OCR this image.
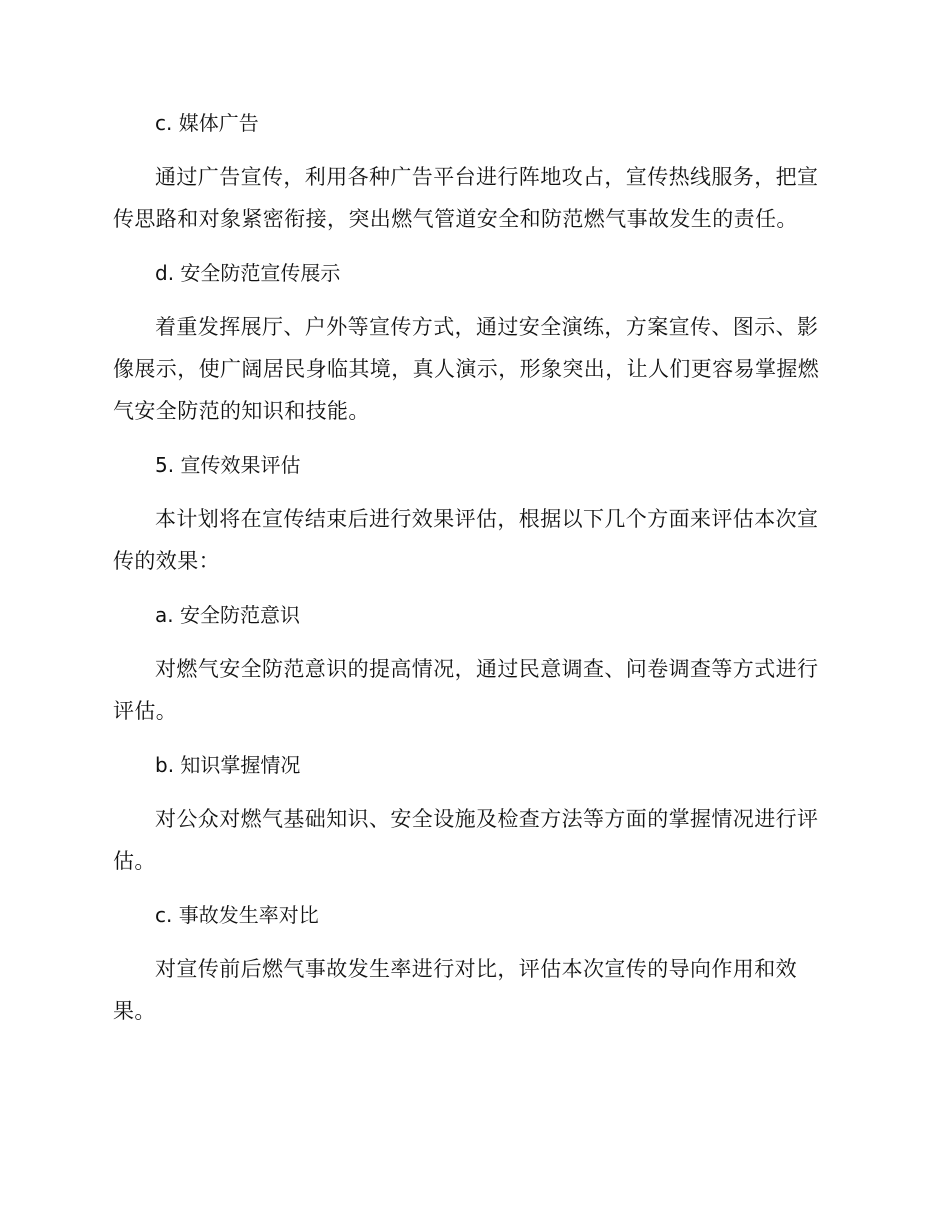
c. 媒体广告

通过广告宣传，利用各种广告平台进行阵地攻占，宣传热线服务，把宣传思路和对象紧密衔接，突出燃气管道安全和防范燃气事故发生的责任。

d. 安全防范宣传展示

着重发挥展厅、户外等宣传方式，通过安全演练，方案宣传、图示、影像展示，使广阔居民身临其境，真人演示，形象突出，让人们更容易掌握燃气安全防范的知识和技能。

5. 宣传效果评估

本计划将在宣传结束后进行效果评估，根据以下几个方面来评估本次宣传的效果：

a. 安全防范意识

对燃气安全防范意识的提高情况，通过民意调查、问卷调查等方式进行评估。

b. 知识掌握情况

对公众对燃气基础知识、安全设施及检查方法等方面的掌握情况进行评估。

c. 事故发生率对比

对宣传前后燃气事故发生率进行对比，评估本次宣传的导向作用和效果。
